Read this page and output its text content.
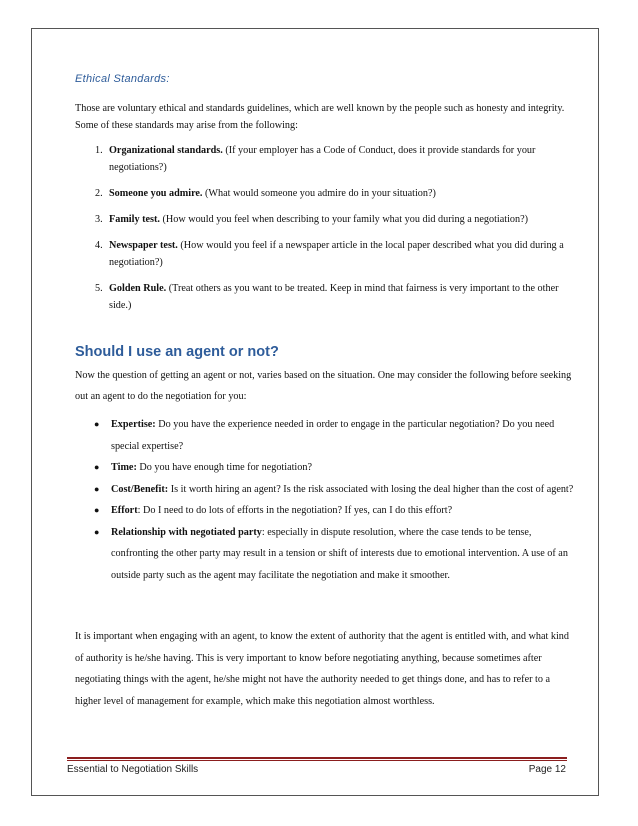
Ethical Standards:
Those are voluntary ethical and standards guidelines, which are well known by the people such as honesty and integrity. Some of these standards may arise from the following:
1. Organizational standards. (If your employer has a Code of Conduct, does it provide standards for your negotiations?)
2. Someone you admire. (What would someone you admire do in your situation?)
3. Family test. (How would you feel when describing to your family what you did during a negotiation?)
4. Newspaper test. (How would you feel if a newspaper article in the local paper described what you did during a negotiation?)
5. Golden Rule. (Treat others as you want to be treated. Keep in mind that fairness is very important to the other side.)
Should I use an agent or not?
Now the question of getting an agent or not, varies based on the situation. One may consider the following before seeking out an agent to do the negotiation for you:
● Expertise: Do you have the experience needed in order to engage in the particular negotiation? Do you need special expertise?
● Time: Do you have enough time for negotiation?
● Cost/Benefit: Is it worth hiring an agent? Is the risk associated with losing the deal higher than the cost of agent?
● Effort: Do I need to do lots of efforts in the negotiation? If yes, can I do this effort?
● Relationship with negotiated party: especially in dispute resolution, where the case tends to be tense, confronting the other party may result in a tension or shift of interests due to emotional intervention. A use of an outside party such as the agent may facilitate the negotiation and make it smoother.
It is important when engaging with an agent, to know the extent of authority that the agent is entitled with, and what kind of authority is he/she having. This is very important to know before negotiating anything, because sometimes after negotiating things with the agent, he/she might not have the authority needed to get things done, and has to refer to a higher level of management for example, which make this negotiation almost worthless.
Essential to Negotiation Skills	Page 12
